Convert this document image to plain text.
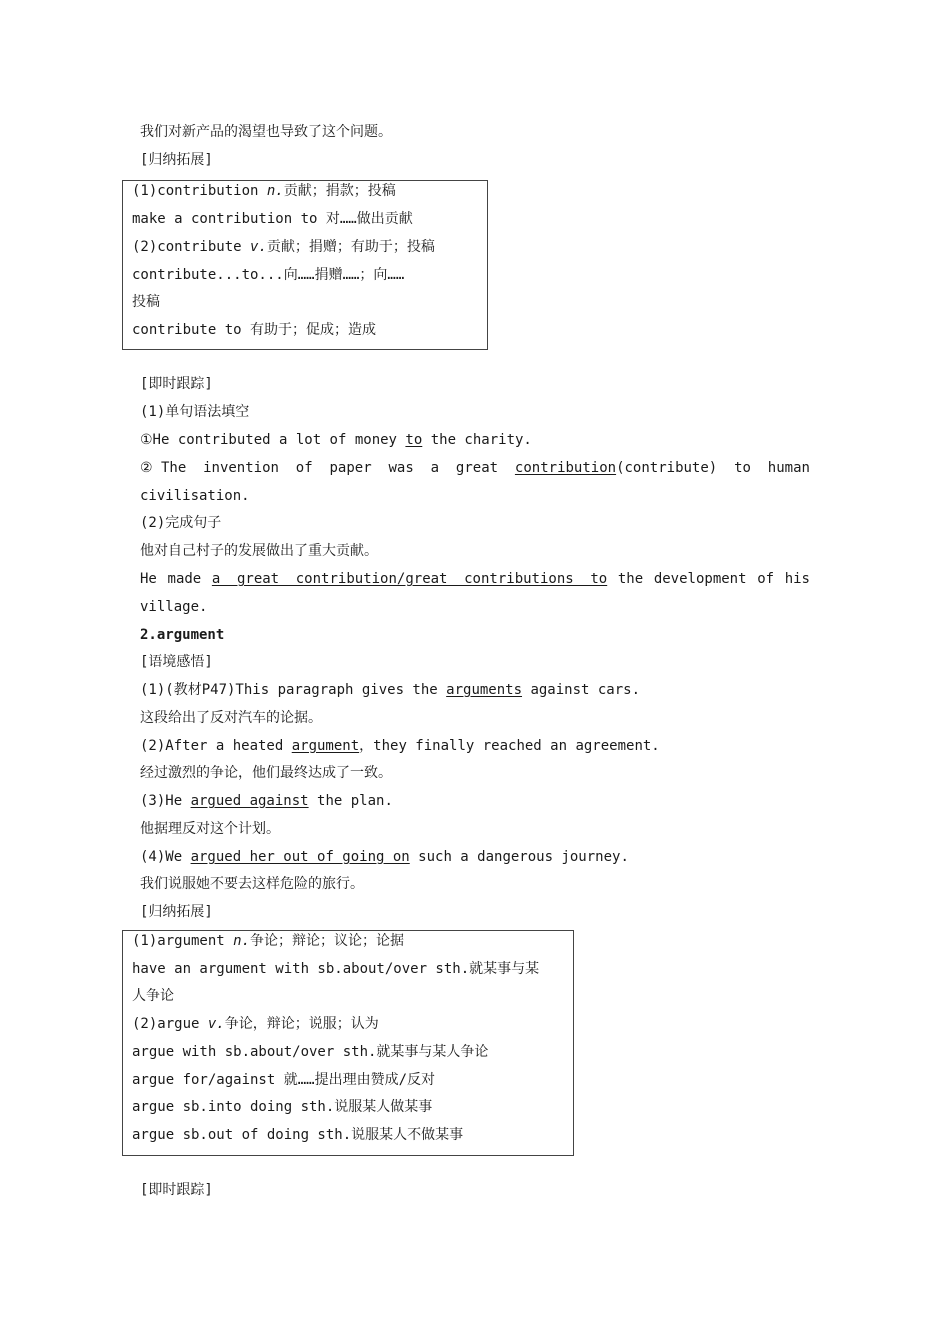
我们对新产品的渴望也导致了这个问题。
[归纳拓展]
(1)contribution n.贡献；捐款；投稿
make a contribution to 对……做出贡献
(2)contribute v.贡献；捐赠；有助于；投稿
contribute...to...向……捐赠……；向……
投稿
contribute to 有助于；促成；造成
[即时跟踪]
(1)单句语法填空
①He contributed a lot of money to the charity.
②The invention of paper was a great contribution(contribute) to human
civilisation.
(2)完成句子
他对自己村子的发展做出了重大贡献。
He made a great contribution/great contributions to the development of his
village.
2.argument
[语境感悟]
(1)(教材P47)This paragraph gives the arguments against cars.
这段给出了反对汽车的论据。
(2)After a heated argument，they finally reached an agreement.
经过激烈的争论，他们最终达成了一致。
(3)He argued against the plan.
他据理反对这个计划。
(4)We argued her out of going on such a dangerous journey.
我们说服她不要去这样危险的旅行。
[归纳拓展]
(1)argument n.争论；辩论；议论；论据
have an argument with sb.about/over sth.就某事与某
人争论
(2)argue v.争论，辩论；说服；认为
argue with sb.about/over sth.就某事与某人争论
argue for/against 就……提出理由赞成/反对
argue sb.into doing sth.说服某人做某事
argue sb.out of doing sth.说服某人不做某事
[即时跟踪]
